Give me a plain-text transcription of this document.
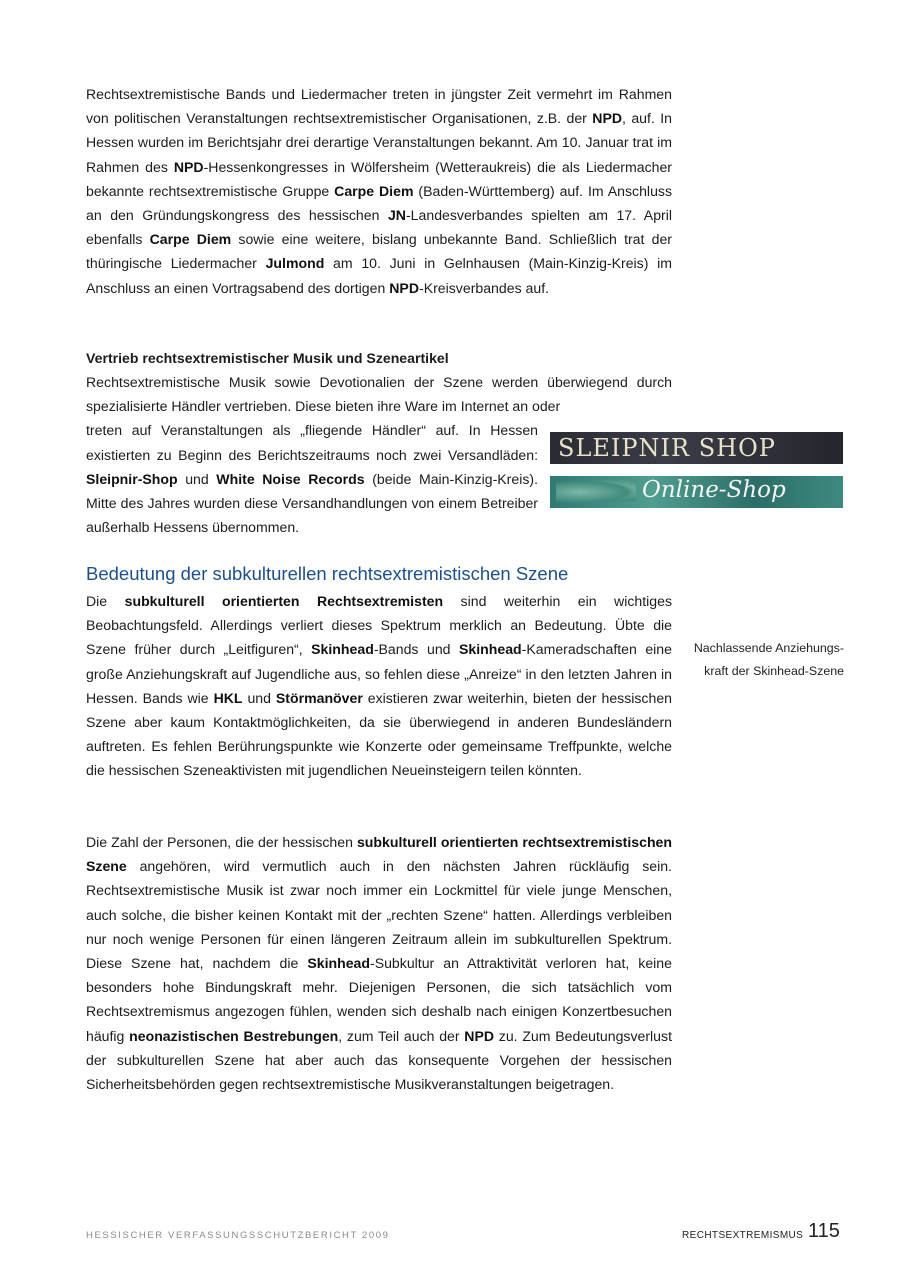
Rechtsextremistische Bands und Liedermacher treten in jüngster Zeit vermehrt im Rahmen von politischen Veranstaltungen rechtsextremistischer Organisationen, z.B. der NPD, auf. In Hessen wurden im Berichtsjahr drei derartige Veranstaltungen bekannt. Am 10. Januar trat im Rahmen des NPD-Hessenkongresses in Wölfersheim (Wetteraukreis) die als Liedermacher bekannte rechtsextremistische Gruppe Carpe Diem (Baden-Württemberg) auf. Im Anschluss an den Gründungskongress des hessischen JN-Landesverbandes spielten am 17. April ebenfalls Carpe Diem sowie eine weitere, bislang unbekannte Band. Schließlich trat der thüringische Liedermacher Julmond am 10. Juni in Gelnhausen (Main-Kinzig-Kreis) im Anschluss an einen Vortragsabend des dortigen NPD-Kreisverbandes auf.

Vertrieb rechtsextremistischer Musik und Szeneartikel
Rechtsextremistische Musik sowie Devotionalien der Szene werden überwiegend durch spezialisierte Händler vertrieben. Diese bieten ihre Ware im Internet an oder
treten auf Veranstaltungen als „fliegende Händler“ auf. In Hessen existierten zu Beginn des Berichtszeitraums noch zwei Versandläden: Sleipnir-Shop und White Noise Records (beide Main-Kinzig-Kreis). Mitte des Jahres wurden diese Versandhandlungen von einem Betreiber außerhalb Hessens übernommen.
SLEIPNIR SHOP
Online-Shop
Bedeutung der subkulturellen rechtsextremistischen Szene

Die subkulturell orientierten Rechtsextremisten sind weiterhin ein wichtiges Beobachtungsfeld. Allerdings verliert dieses Spektrum merklich an Bedeutung. Übte die Szene früher durch „Leitfiguren“, Skinhead-Bands und Skinhead-Kameradschaften eine große Anziehungskraft auf Jugendliche aus, so fehlen diese „Anreize“ in den letzten Jahren in Hessen. Bands wie HKL und Störmanöver existieren zwar weiterhin, bieten der hessischen Szene aber kaum Kontaktmöglichkeiten, da sie überwiegend in anderen Bundesländern auftreten. Es fehlen Berührungspunkte wie Konzerte oder gemeinsame Treffpunkte, welche die hessischen Szeneaktivisten mit jugendlichen Neueinsteigern teilen könnten.

Nachlassende Anziehungs-
kraft der Skinhead-Szene

Die Zahl der Personen, die der hessischen subkulturell orientierten rechtsextremistischen Szene angehören, wird vermutlich auch in den nächsten Jahren rückläufig sein. Rechtsextremistische Musik ist zwar noch immer ein Lockmittel für viele junge Menschen, auch solche, die bisher keinen Kontakt mit der „rechten Szene“ hatten. Allerdings verbleiben nur noch wenige Personen für einen längeren Zeitraum allein im subkulturellen Spektrum. Diese Szene hat, nachdem die Skinhead-Subkultur an Attraktivität verloren hat, keine besonders hohe Bindungskraft mehr. Diejenigen Personen, die sich tatsächlich vom Rechtsextremismus angezogen fühlen, wenden sich deshalb nach einigen Konzertbesuchen häufig neonazistischen Bestrebungen, zum Teil auch der NPD zu. Zum Bedeutungsverlust der subkulturellen Szene hat aber auch das konsequente Vorgehen der hessischen Sicherheitsbehörden gegen rechtsextremistische Musikveranstaltungen beigetragen.

HESSISCHER VERFASSUNGSSCHUTZBERICHT 2009	RECHTSEXTREMISMUS 115
